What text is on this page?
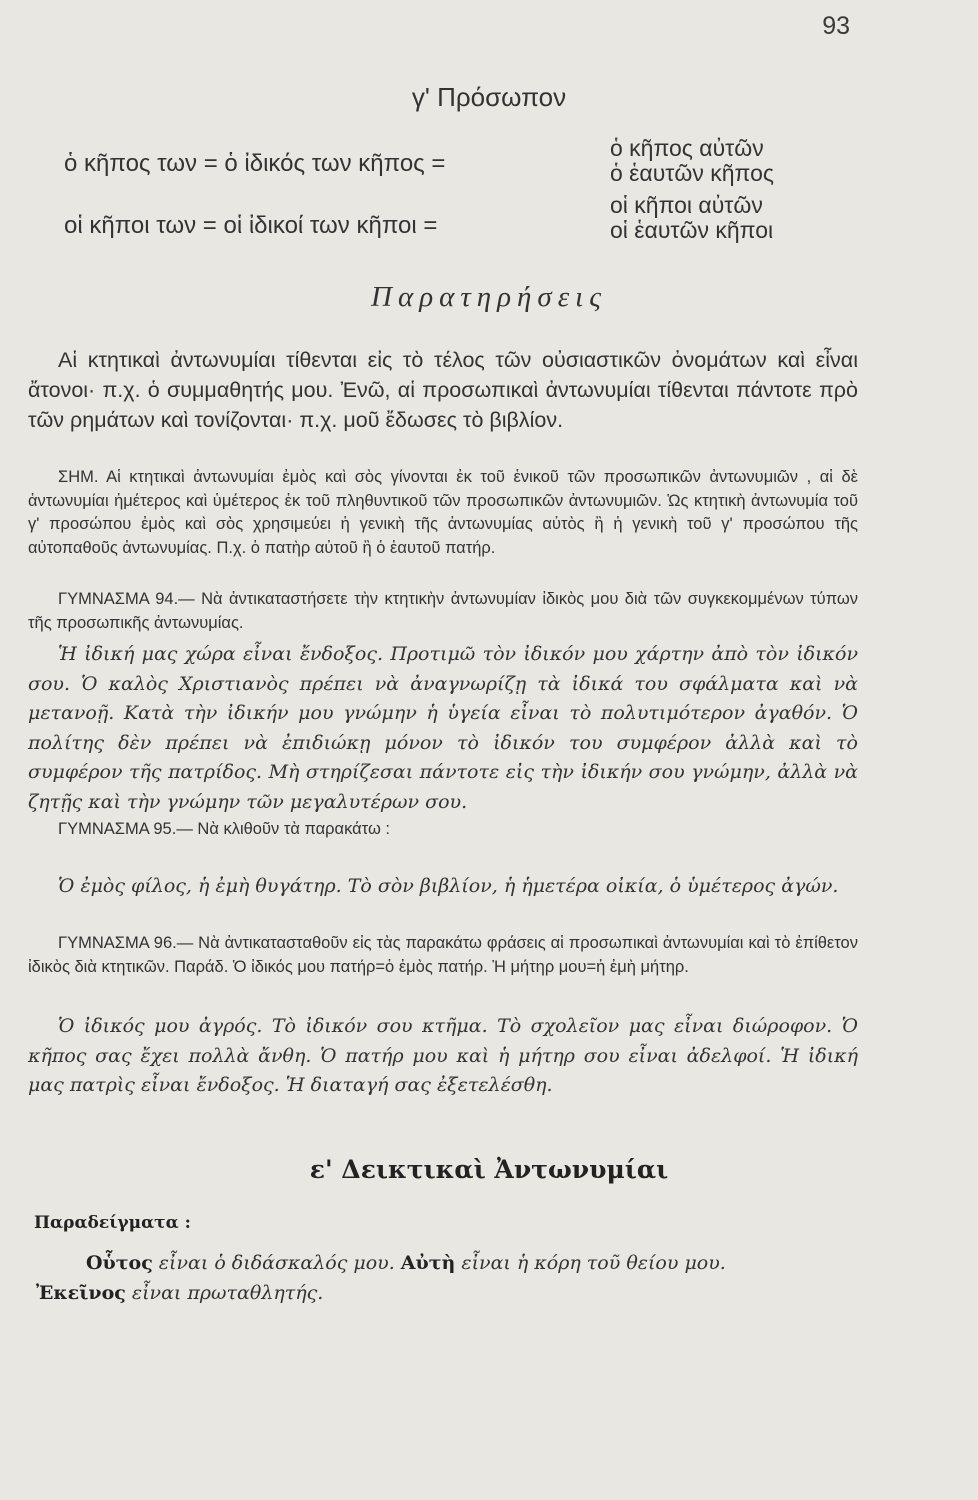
93
γ' Πρόσωπον
ὁ κῆπος των = ὁ ἰδικός των κῆπος =
ὁ κῆπος αὐτῶν
ὁ ἑαυτῶν κῆπος
οἱ κῆποι των = οἱ ἰδικοί των κῆποι =
οἱ κῆποι αὐτῶν
οἱ ἑαυτῶν κῆποι
Παρατηρήσεις
Αἱ κτητικαὶ ἀντωνυμίαι τίθενται εἰς τὸ τέλος τῶν οὐσιαστικῶν ὀνομάτων καὶ εἶναι ἄτονοι· π.χ. ὁ συμμαθητής μου. Ἐνῶ, αἱ προσωπικαὶ ἀντωνυμίαι τίθενται πάντοτε πρὸ τῶν ρημάτων καὶ τονίζονται· π.χ. μοῦ ἔδωσες τὸ βιβλίον.
ΣΗΜ. Αἱ κτητικαὶ ἀντωνυμίαι ἐμὸς καὶ σὸς γίνονται ἐκ τοῦ ἑνικοῦ τῶν προσωπικῶν ἀντωνυμιῶν , αἱ δὲ ἀντωνυμίαι ἡμέτερος καὶ ὑμέτερος ἐκ τοῦ πληθυντικοῦ τῶν προσωπικῶν ἀντωνυμιῶν. Ὡς κτητικὴ ἀντωνυμία τοῦ γ' προσώπου ἐμὸς καὶ σὸς χρησιμεύει ἡ γενικὴ τῆς ἀντωνυμίας αὐτὸς ἢ ἡ γενικὴ τοῦ γ' προσώπου τῆς αὐτοπαθοῦς ἀντωνυμίας. Π.χ. ὁ πατὴρ αὐτοῦ ἢ ὁ ἑαυτοῦ πατήρ.
ΓΥΜΝΑΣΜΑ 94.— Νὰ ἀντικαταστήσετε τὴν κτητικὴν ἀντωνυμίαν ἰδικὸς μου διὰ τῶν συγκεκομμένων τύπων τῆς προσωπικῆς ἀντωνυμίας.
Ἡ ἰδική μας χώρα εἶναι ἔνδοξος. Προτιμῶ τὸν ἰδικόν μου χάρτην ἀπὸ τὸν ἰδικόν σου. Ὁ καλὸς Χριστιανὸς πρέπει νὰ ἀναγνωρίζῃ τὰ ἰδικά του σφάλματα καὶ νὰ μετανοῇ. Κατὰ τὴν ἰδικήν μου γνώμην ἡ ὑγεία εἶναι τὸ πολυτιμότερον ἀγαθόν. Ὁ πολίτης δὲν πρέπει νὰ ἐπιδιώκῃ μόνον τὸ ἰδικόν του συμφέρον ἀλλὰ καὶ τὸ συμφέρον τῆς πατρίδος. Μὴ στηρίζεσαι πάντοτε εἰς τὴν ἰδικήν σου γνώμην, ἀλλὰ νὰ ζητῇς καὶ τὴν γνώμην τῶν μεγαλυτέρων σου.
ΓΥΜΝΑΣΜΑ 95.— Νὰ κλιθοῦν τὰ παρακάτω :
Ὁ ἐμὸς φίλος, ἡ ἐμὴ θυγάτηρ. Τὸ σὸν βιβλίον, ἡ ἡμετέρα οἰκία, ὁ ὑμέτερος ἀγών.
ΓΥΜΝΑΣΜΑ 96.— Νὰ ἀντικατασταθοῦν εἰς τὰς παρακάτω φράσεις αἱ προσωπικαὶ ἀντωνυμίαι καὶ τὸ ἐπίθετον ἰδικὸς διὰ κτητικῶν. Παράδ. Ὁ ἰδικός μου πατήρ=ὁ ἐμὸς πατήρ. Ἡ μήτηρ μου=ἡ ἐμὴ μήτηρ.
Ὁ ἰδικός μου ἀγρός. Τὸ ἰδικόν σου κτῆμα. Τὸ σχολεῖον μας εἶναι διώροφον. Ὁ κῆπος σας ἔχει πολλὰ ἄνθη. Ὁ πατήρ μου καὶ ἡ μήτηρ σου εἶναι ἀδελφοί. Ἡ ἰδική μας πατρὶς εἶναι ἔνδοξος. Ἡ διαταγή σας ἐξετελέσθη.
ε' Δεικτικαὶ Ἀντωνυμίαι
Παραδείγματα :
Οὗτος εἶναι ὁ διδάσκαλός μου. Αὐτὴ εἶναι ἡ κόρη τοῦ θείου μου.
Ἐκεῖνος εἶναι πρωταθλητής.
